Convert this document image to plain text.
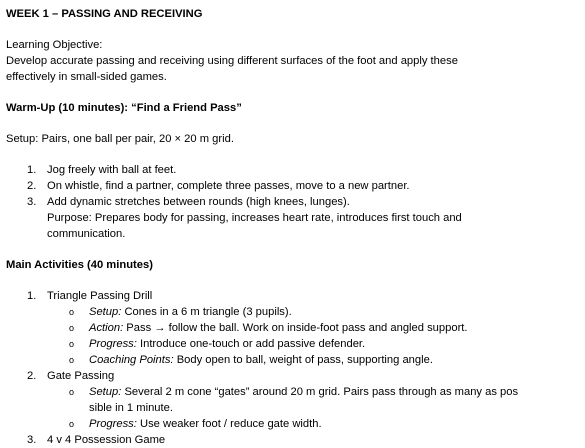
WEEK 1 – PASSING AND RECEIVING
Learning Objective:
Develop accurate passing and receiving using different surfaces of the foot and apply these
effectively in small-sided games.
Warm-Up (10 minutes): “Find a Friend Pass”
Setup: Pairs, one ball per pair, 20 × 20 m grid.
1. Jog freely with ball at feet.
2. On whistle, find a partner, complete three passes, move to a new partner.
3. Add dynamic stretches between rounds (high knees, lunges).
Purpose: Prepares body for passing, increases heart rate, introduces first touch and
communication.
Main Activities (40 minutes)
1. Triangle Passing Drill
o Setup: Cones in a 6 m triangle (3 pupils).
o Action: Pass → follow the ball. Work on inside-foot pass and angled support.
o Progress: Introduce one-touch or add passive defender.
o Coaching Points: Body open to ball, weight of pass, supporting angle.
2. Gate Passing
o Setup: Several 2 m cone “gates” around 20 m grid. Pairs pass through as many as pos
sible in 1 minute.
o Progress: Use weaker foot / reduce gate width.
3. 4 v 4 Possession Game
